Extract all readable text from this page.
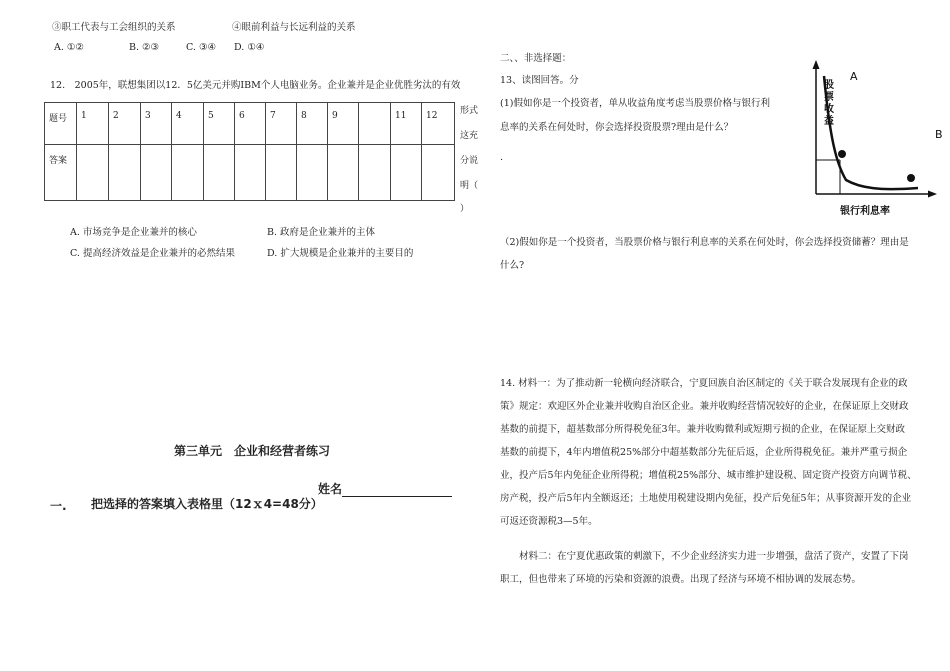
③职工代表与工会组织的关系	④眼前利益与长远利益的关系
A. ①②	B. ②③	C. ③④ D. ①④
12.　2005年，联想集团以12．5亿美元并购IBM个人电脑业务。企业兼并是企业优胜劣汰的有效
题号	1	2	3	4	5	6	7	8	9		11	12
答案												
形式
这充
分说
明（
）
A. 市场竞争是企业兼并的核心	B. 政府是企业兼并的主体
C. 提高经济效益是企业兼并的必然结果	D. 扩大规模是企业兼并的主要目的
第三单元　企业和经营者练习
姓名
一. 把选择的答案填入表格里（12ｘ4=48分）
二、、非选择题：
13、读图回答。分
(1)假如你是一个投资者，单从收益角度考虑当股票价格与银行利
息率的关系在何处时，你会选择投资股票?理由是什么？
.
A
B
股票收益
银行利息率
（2)假如你是一个投资者，当股票价格与银行利息率的关系在何处时，你会选择投资储蓄？理由是
什么?
14. 材料一：为了推动新一轮横向经济联合，宁夏回族自治区制定的《关于联合发展现有企业的政
策》规定：欢迎区外企业兼并收购自治区企业。兼并收购经营情况较好的企业，在保证原上交财政
基数的前提下，超基数部分所得税免征3年。兼并收购微利或短期亏损的企业，在保证原上交财政
基数的前提下，4年内增值税25%部分中超基数部分先征后返，企业所得税免征。兼并严重亏损企
业，投产后5年内免征企业所得税；增值税25%部分、城市维护建设税、固定资产投资方向调节税、
房产税，投产后5年内全额返还；土地使用税建设期内免征，投产后免征5年；从事资源开发的企业
可返还资源税3—5年。
　　材料二：在宁夏优惠政策的刺激下，不少企业经济实力进一步增强，盘活了资产，安置了下岗
职工，但也带来了环境的污染和资源的浪费。出现了经济与环境不相协调的发展态势。
